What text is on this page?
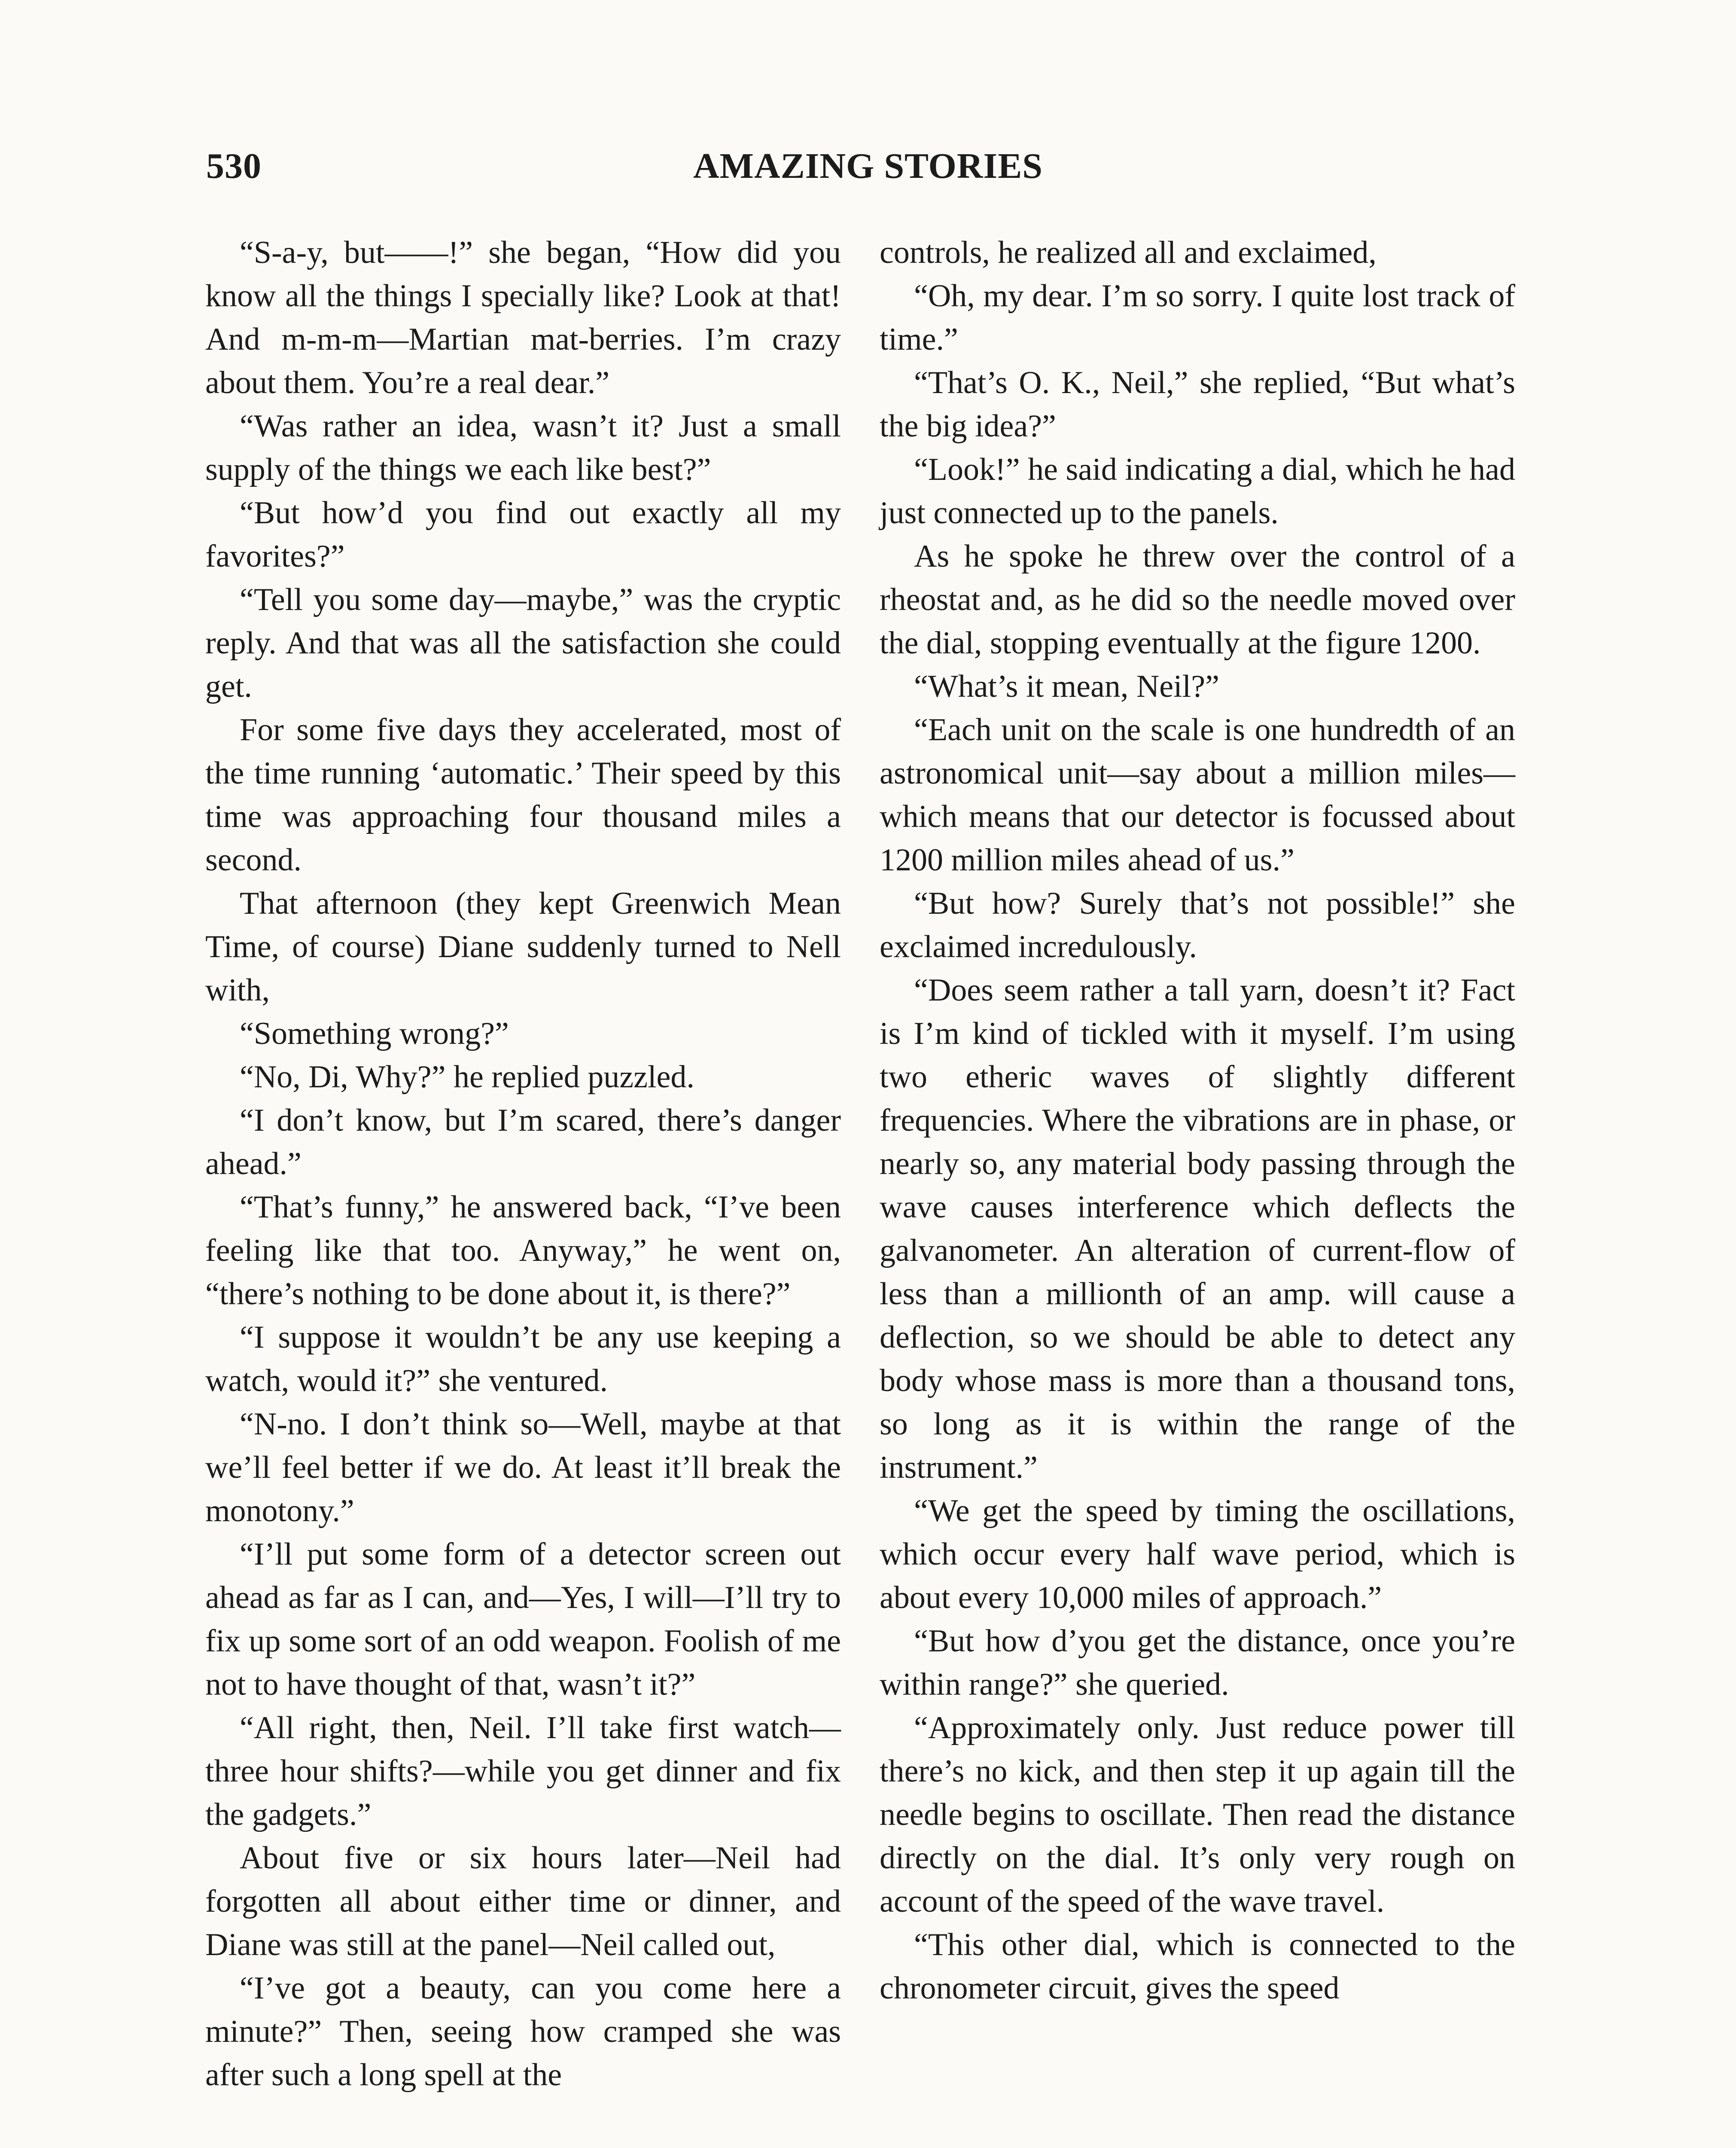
530	AMAZING STORIES

“S-a-y, but——!” she began, “How did you know all the things I specially like? Look at that! And m-m-m—Martian mat-berries. I’m crazy about them. You’re a real dear.”

“Was rather an idea, wasn’t it? Just a small supply of the things we each like best?”

“But how’d you find out exactly all my favorites?”

“Tell you some day—maybe,” was the cryptic reply. And that was all the satisfaction she could get.

For some five days they accelerated, most of the time running ‘automatic.’ Their speed by this time was approaching four thousand miles a second.

That afternoon (they kept Greenwich Mean Time, of course) Diane suddenly turned to Nell with,

“Something wrong?”

“No, Di, Why?” he replied puzzled.

“I don’t know, but I’m scared, there’s danger ahead.”

“That’s funny,” he answered back, “I’ve been feeling like that too. Anyway,” he went on, “there’s nothing to be done about it, is there?”

“I suppose it wouldn’t be any use keeping a watch, would it?” she ventured.

“N-no. I don’t think so—Well, maybe at that we’ll feel better if we do. At least it’ll break the monotony.”

“I’ll put some form of a detector screen out ahead as far as I can, and—Yes, I will—I’ll try to fix up some sort of an odd weapon. Foolish of me not to have thought of that, wasn’t it?”

“All right, then, Neil. I’ll take first watch—three hour shifts?—while you get dinner and fix the gadgets.”

About five or six hours later—Neil had forgotten all about either time or dinner, and Diane was still at the panel—Neil called out,

“I’ve got a beauty, can you come here a minute?” Then, seeing how cramped she was after such a long spell at the

controls, he realized all and exclaimed,

“Oh, my dear. I’m so sorry. I quite lost track of time.”

“That’s O. K., Neil,” she replied, “But what’s the big idea?”

“Look!” he said indicating a dial, which he had just connected up to the panels.

As he spoke he threw over the control of a rheostat and, as he did so the needle moved over the dial, stopping eventually at the figure 1200.

“What’s it mean, Neil?”

“Each unit on the scale is one hundredth of an astronomical unit—say about a million miles—which means that our detector is focussed about 1200 million miles ahead of us.”

“But how? Surely that’s not possible!” she exclaimed incredulously.

“Does seem rather a tall yarn, doesn’t it? Fact is I’m kind of tickled with it myself. I’m using two etheric waves of slightly different frequencies. Where the vibrations are in phase, or nearly so, any material body passing through the wave causes interference which deflects the galvanometer. An alteration of current-flow of less than a millionth of an amp. will cause a deflection, so we should be able to detect any body whose mass is more than a thousand tons, so long as it is within the range of the instrument.”

“We get the speed by timing the oscillations, which occur every half wave period, which is about every 10,000 miles of approach.”

“But how d’you get the distance, once you’re within range?” she queried.

“Approximately only. Just reduce power till there’s no kick, and then step it up again till the needle begins to oscillate. Then read the distance directly on the dial. It’s only very rough on account of the speed of the wave travel.

“This other dial, which is connected to the chronometer circuit, gives the speed
